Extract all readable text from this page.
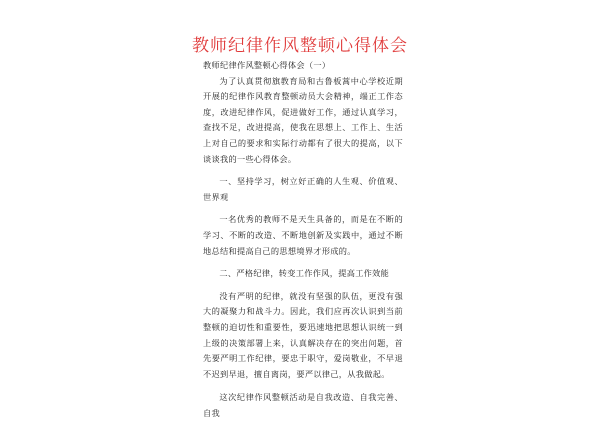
教师纪律作风整顿心得体会

教师纪律作风整顿心得体会（一）

为了认真贯彻旗教育局和古鲁板蒿中心学校近期开展的纪律作风教育整顿动员大会精神，端正工作态度，改进纪律作风，促进做好工作，通过认真学习，查找不足，改进提高，使我在思想上、工作上、生活上对自己的要求和实际行动都有了很大的提高，以下谈谈我的一些心得体会。

一、坚持学习，树立好正确的人生观、价值观、世界观

一名优秀的教师不是天生具备的，而是在不断的学习、不断的改造、不断地创新及实践中，通过不断地总结和提高自己的思想境界才形成的。

二、严格纪律，转变工作作风，提高工作效能

没有严明的纪律，就没有坚强的队伍，更没有强大的凝聚力和战斗力。因此，我们应再次认识到当前整顿的迫切性和重要性，要迅速地把思想认识统一到上级的决策部署上来，认真解决存在的突出问题，首先要严明工作纪律，要忠于职守，爱岗敬业，不早退不迟到早退，擅自离岗，要严以律己，从我做起。

这次纪律作风整顿活动是自我改造、自我完善、自我
